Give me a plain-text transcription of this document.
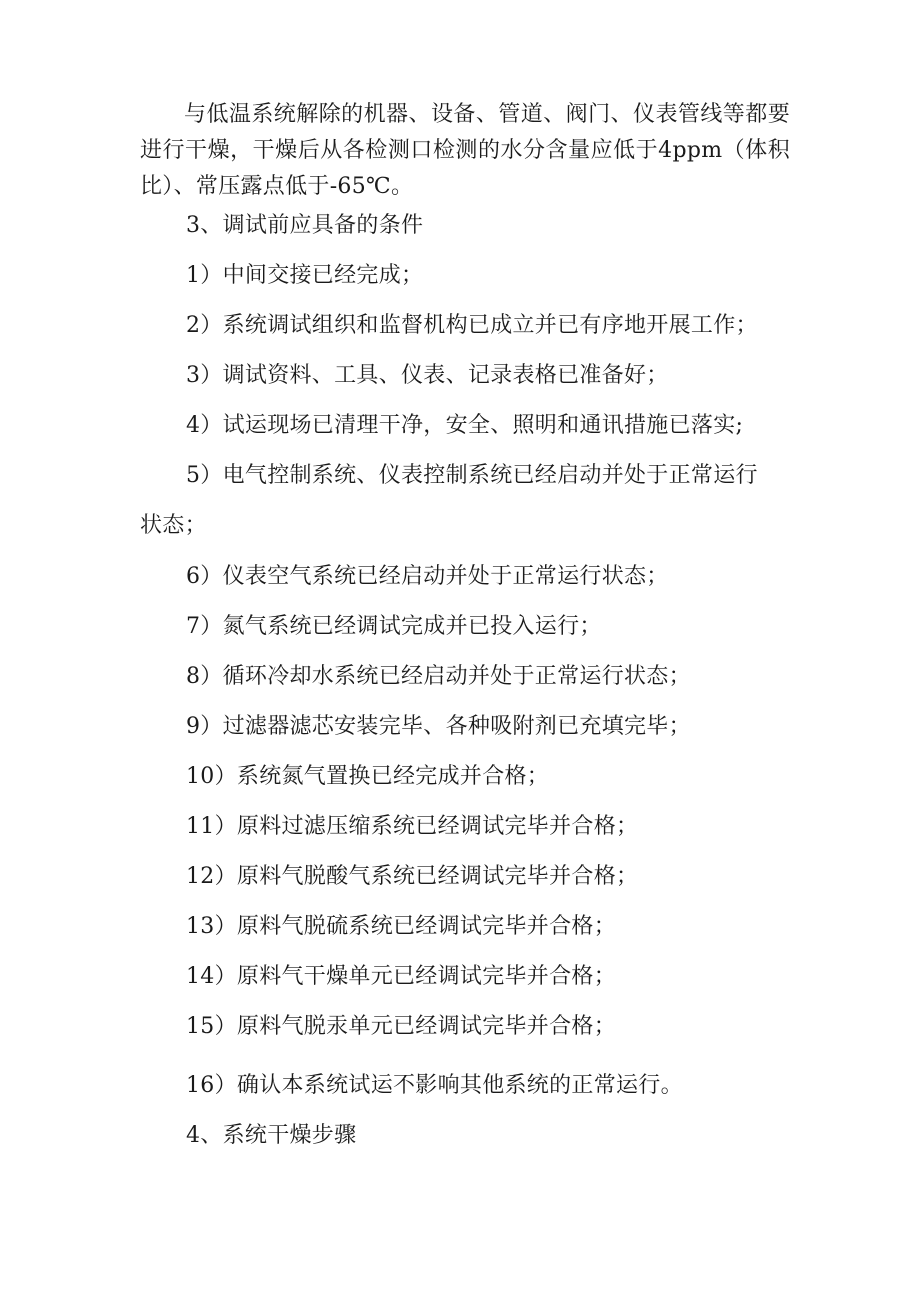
与低温系统解除的机器、设备、管道、阀门、仪表管线等都要进行干燥，干燥后从各检测口检测的水分含量应低于4ppm（体积比）、常压露点低于-65℃。

3、调试前应具备的条件

1）中间交接已经完成；

2）系统调试组织和监督机构已成立并已有序地开展工作；

3）调试资料、工具、仪表、记录表格已准备好；

4）试运现场已清理干净，安全、照明和通讯措施已落实;

5）电气控制系统、仪表控制系统已经启动并处于正常运行

状态；

6）仪表空气系统已经启动并处于正常运行状态；

7）氮气系统已经调试完成并已投入运行；

8）循环冷却水系统已经启动并处于正常运行状态；

9）过滤器滤芯安装完毕、各种吸附剂已充填完毕；

10）系统氮气置换已经完成并合格；

11）原料过滤压缩系统已经调试完毕并合格；

12）原料气脱酸气系统已经调试完毕并合格；

13）原料气脱硫系统已经调试完毕并合格；

14）原料气干燥单元已经调试完毕并合格；

15）原料气脱汞单元已经调试完毕并合格；

16）确认本系统试运不影响其他系统的正常运行。

4、系统干燥步骤
